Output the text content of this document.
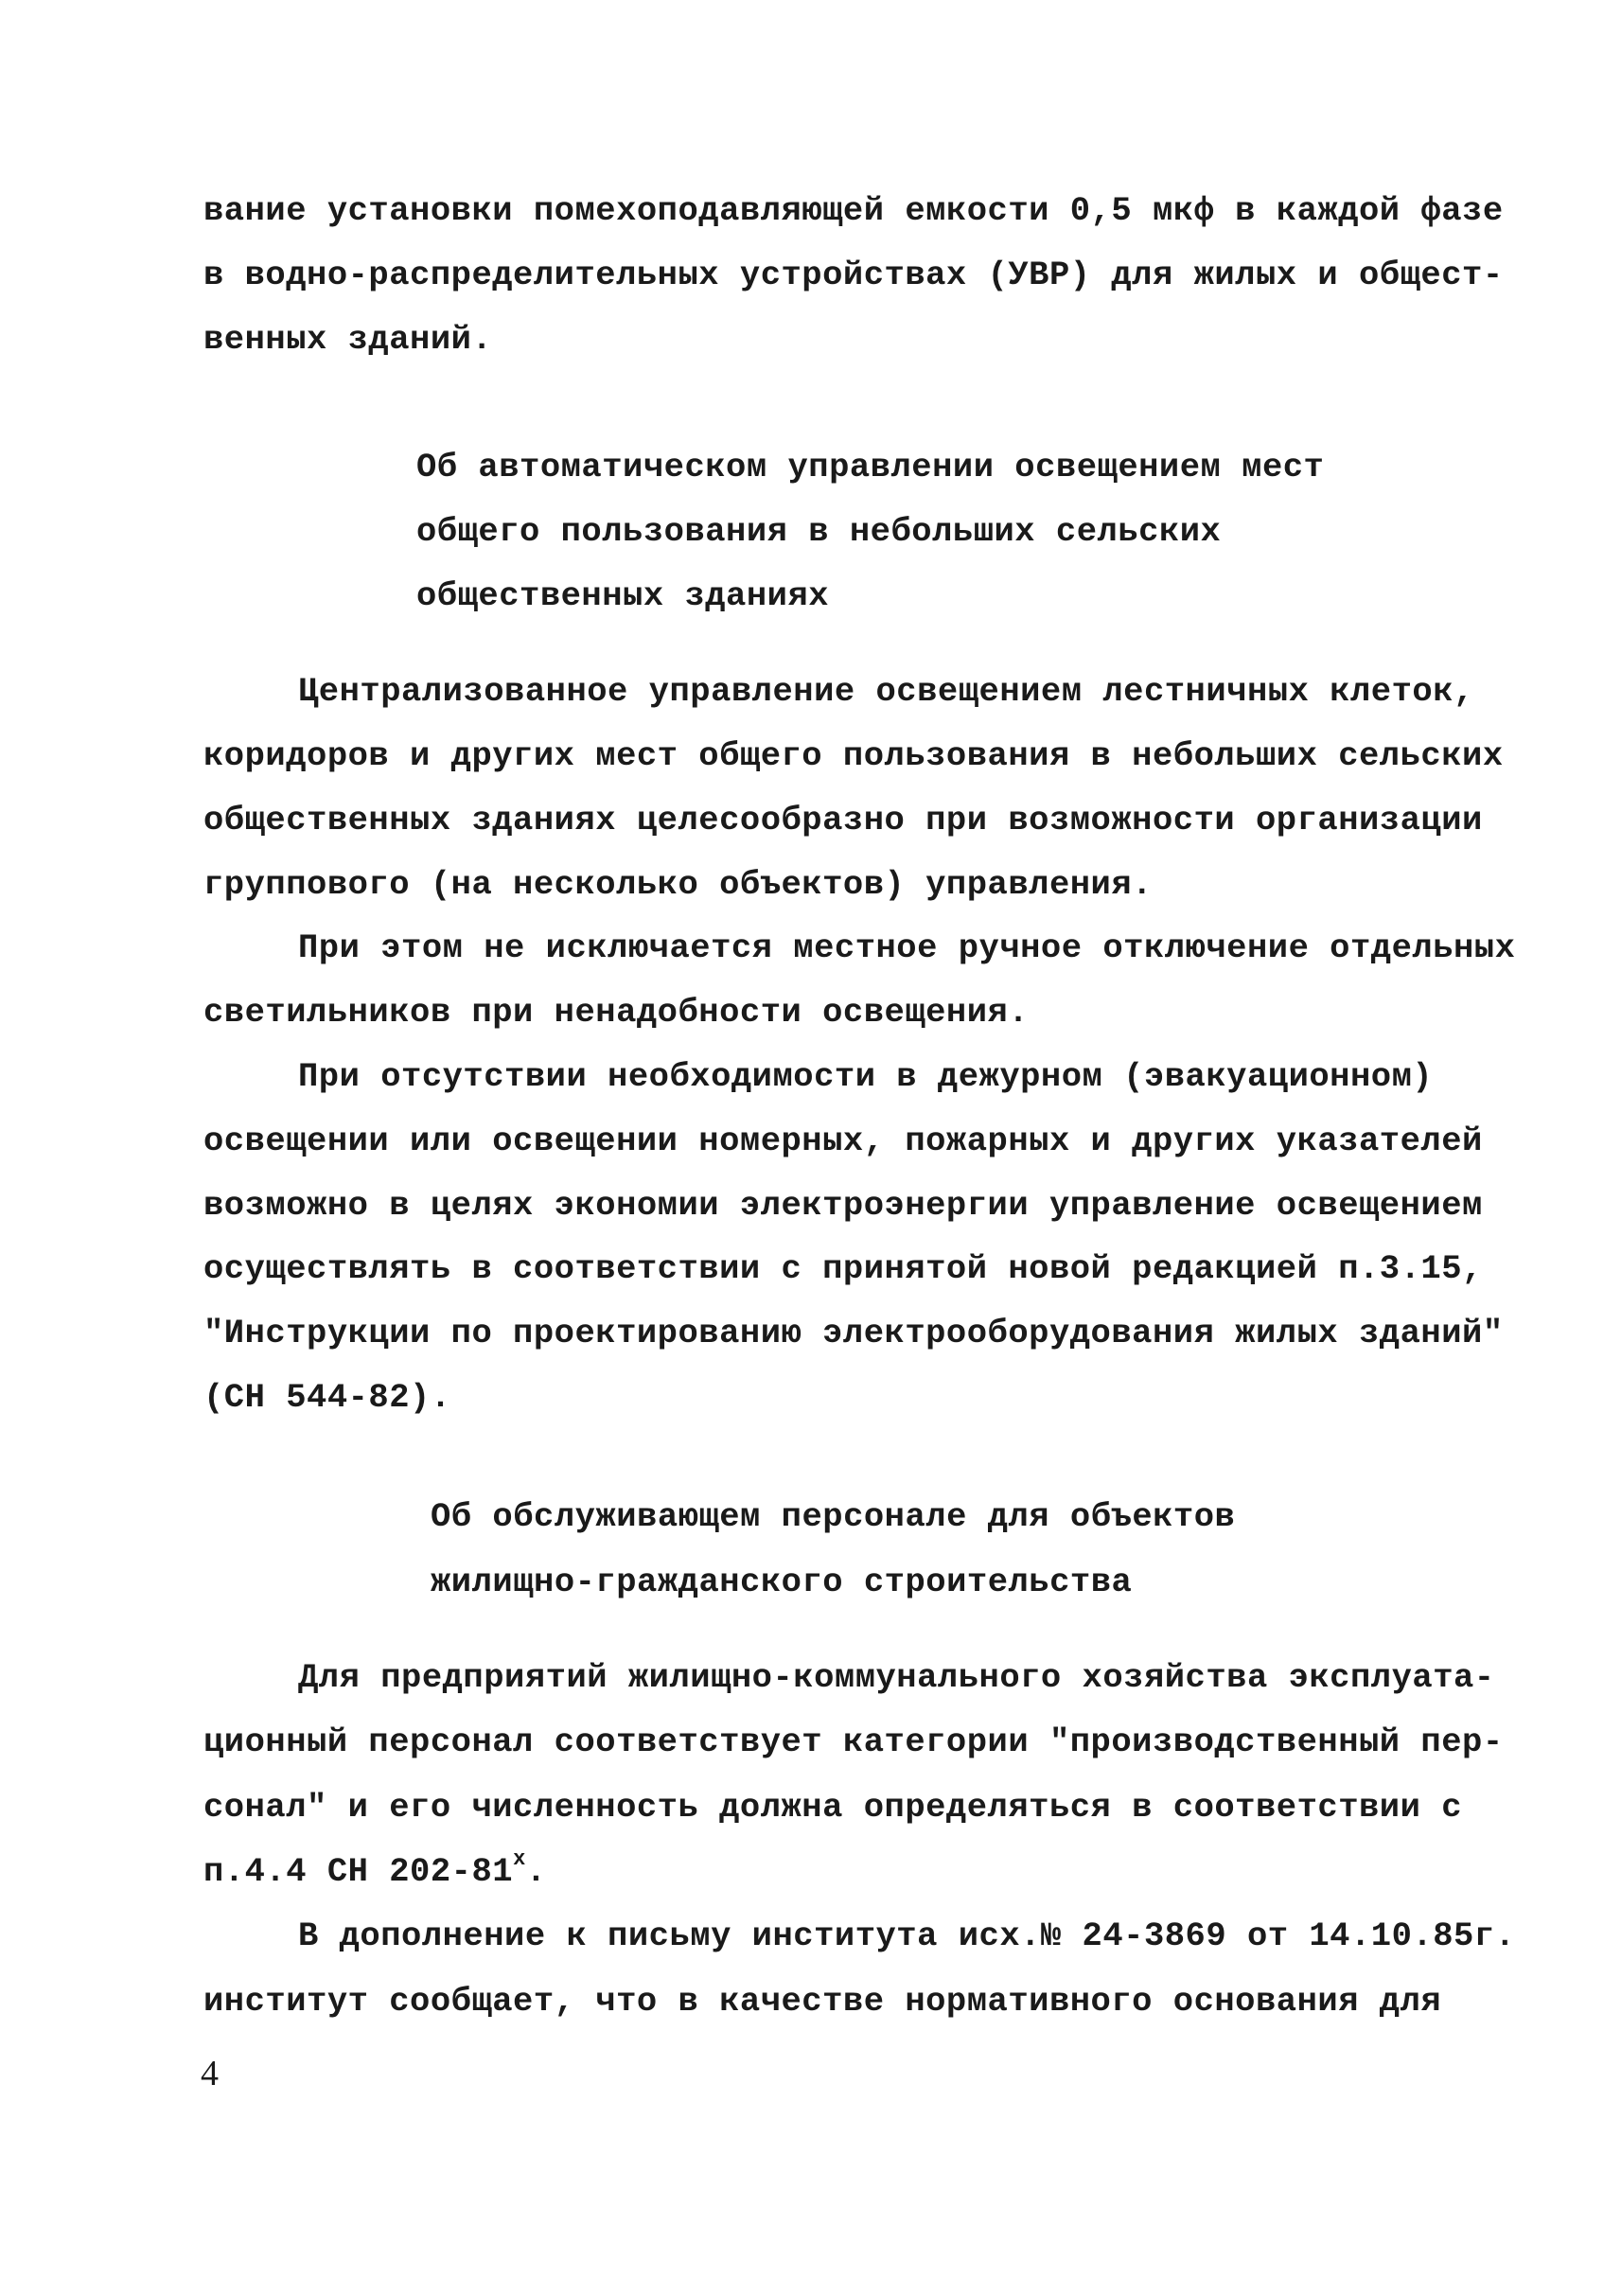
вание установки помехоподавляющей емкости 0,5 мкф в каждой фазе
в водно-распределительных устройствах (УВР) для жилых и общест-
венных зданий.
Об автоматическом управлении освещением мест
общего пользования в небольших сельских
общественных зданиях
Централизованное управление освещением лестничных клеток,
коридоров и других мест общего пользования в небольших сельских
общественных зданиях целесообразно при возможности организации
группового (на несколько объектов) управления.
При этом не исключается местное ручное отключение отдельных
светильников при ненадобности освещения.
При отсутствии необходимости в дежурном (эвакуационном)
освещении или освещении номерных, пожарных и других указателей
возможно в целях экономии электроэнергии управление освещением
осуществлять в соответствии с принятой новой редакцией п.3.15,
"Инструкции по проектированию электрооборудования жилых зданий"
(СН 544-82).
Об обслуживающем персонале для объектов
жилищно-гражданского строительства
Для предприятий жилищно-коммунального хозяйства эксплуата-
ционный персонал соответствует категории "производственный пер-
сонал" и его численность должна определяться в соответствии с
п.4.4 СН $202-81^х$.
В дополнение к письму института исх.№ 24-3869 от 14.10.85г.
институт сообщает, что в качестве нормативного основания для
4
